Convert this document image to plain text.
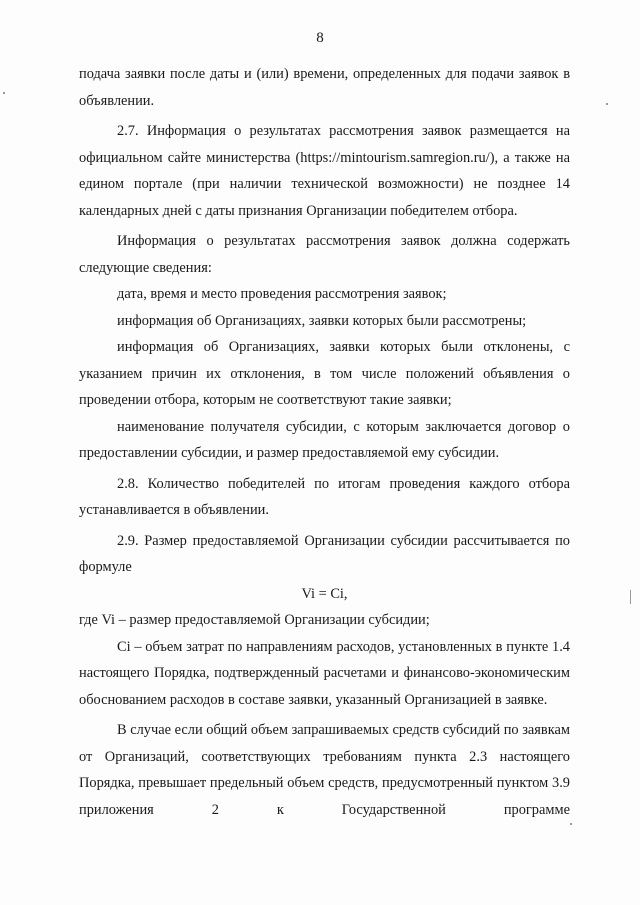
8

подача заявки после даты и (или) времени, определенных для подачи заявок в объявлении.

2.7. Информация о результатах рассмотрения заявок размещается на официальном сайте министерства (https://mintourism.samregion.ru/), а также на едином портале (при наличии технической возможности) не позднее 14 календарных дней с даты признания Организации победителем отбора.

Информация о результатах рассмотрения заявок должна содержать следующие сведения:

дата, время и место проведения рассмотрения заявок;

информация об Организациях, заявки которых были рассмотрены;

информация об Организациях, заявки которых были отклонены, с указанием причин их отклонения, в том числе положений объявления о проведении отбора, которым не соответствуют такие заявки;

наименование получателя субсидии, с которым заключается договор о предоставлении субсидии, и размер предоставляемой ему субсидии.

2.8. Количество победителей по итогам проведения каждого отбора устанавливается в объявлении.

2.9. Размер предоставляемой Организации субсидии рассчитывается по формуле

Vi = Ci,

где Vi – размер предоставляемой Организации субсидии;

Ci – объем затрат по направлениям расходов, установленных в пункте 1.4 настоящего Порядка, подтвержденный расчетами и финансово-экономическим обоснованием расходов в составе заявки, указанный Организацией в заявке.

В случае если общий объем запрашиваемых средств субсидий по заявкам от Организаций, соответствующих требованиям пункта 2.3 настоящего Порядка, превышает предельный объем средств, предусмотренный пунктом 3.9 приложения 2 к Государственной программе
